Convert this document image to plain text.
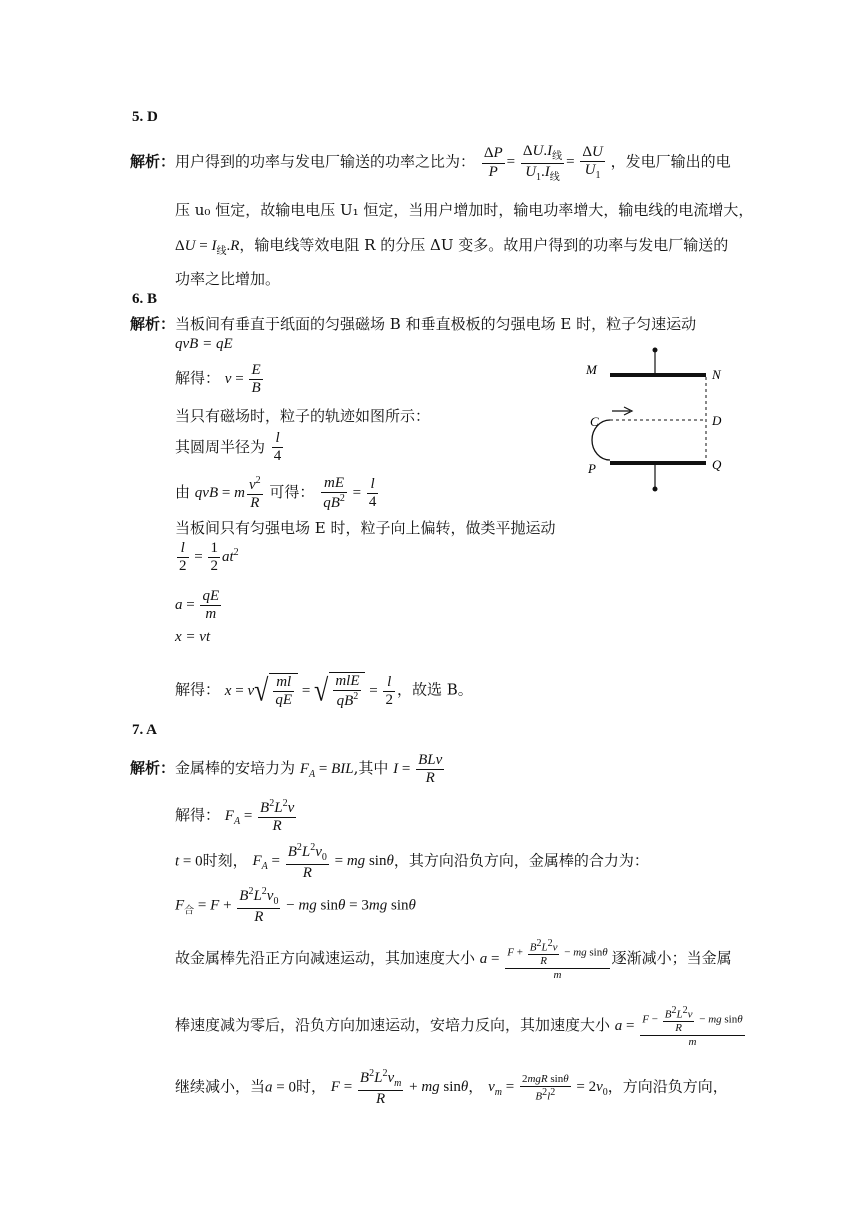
5. D
解析：用户得到的功率与发电厂输送的功率之比为： $\frac{\Delta P}{P}$ =
$\Delta U.I_线$
$U_1.I_线$
= $\frac{\Delta U}{U_1}$ ，发电厂输出的电
压 u₀ 恒定，故输电电压 U₁ 恒定，当用户增加时，输电功率增大，输电线的电流增大，
$\Delta U = I_线.R$，输电线等效电阻 R 的分压 ΔU 变多。故用户得到的功率与发电厂输送的
功率之比增加。
6. B
解析：当板间有垂直于纸面的匀强磁场 B 和垂直极板的匀强电场 E 时，粒子匀速运动
qvB = qE
解得： $v = \frac{E}{B}$
当只有磁场时，粒子的轨迹如图所示：
其圆周半径为 $\frac{l}{4}$
由 qvB = m $\frac{v^2}{R}$ 可得： $\frac{mE}{qB^2} = \frac{l}{4}$
当板间只有匀强电场 E 时，粒子向上偏转，做类平抛运动
$\frac{l}{2} = \frac{1}{2} at^2$
$a = \frac{qE}{m}$
x = vt
解得： $x = v√ \frac{ml}{qE}$ = √ mlE
$qB^2 = \frac{l}{2}$ ，故选 B。
M	N
C	D
P	Q
7. A
解析：金属棒的安培力为 $F_A$ = BIL,其中 I =
BLv
R
解得： $F_A = \frac{B^2L^2v}{R}$
t = 0时刻， $F_A = \frac{B^2L^2v_0}{R}$ = mg sinθ，其方向沿负方向，金属棒的合力为：
$F_合 = F + \frac{B^2L^2v_0}{R}$ − mg sinθ = 3mg sinθ
故金属棒先沿正方向减速运动，其加速度大小 $a = \frac{F + \frac{B^2L^2v}{R} - mg \sin\theta}{m}$ 逐渐减小；当金属
棒速度减为零后，沿负方向加速运动，安培力反向，其加速度大小 $a = \frac{F - \frac{B^2L^2v}{R} - mg \sin\theta}{m}$
继续减小，当a = 0时， $F = \frac{B^2L^2v_m}{R}$ + mg sinθ， $v_m$ =
2mgR sinθ
$B^2l^2$	= $2v_0$，方向沿负方向，
